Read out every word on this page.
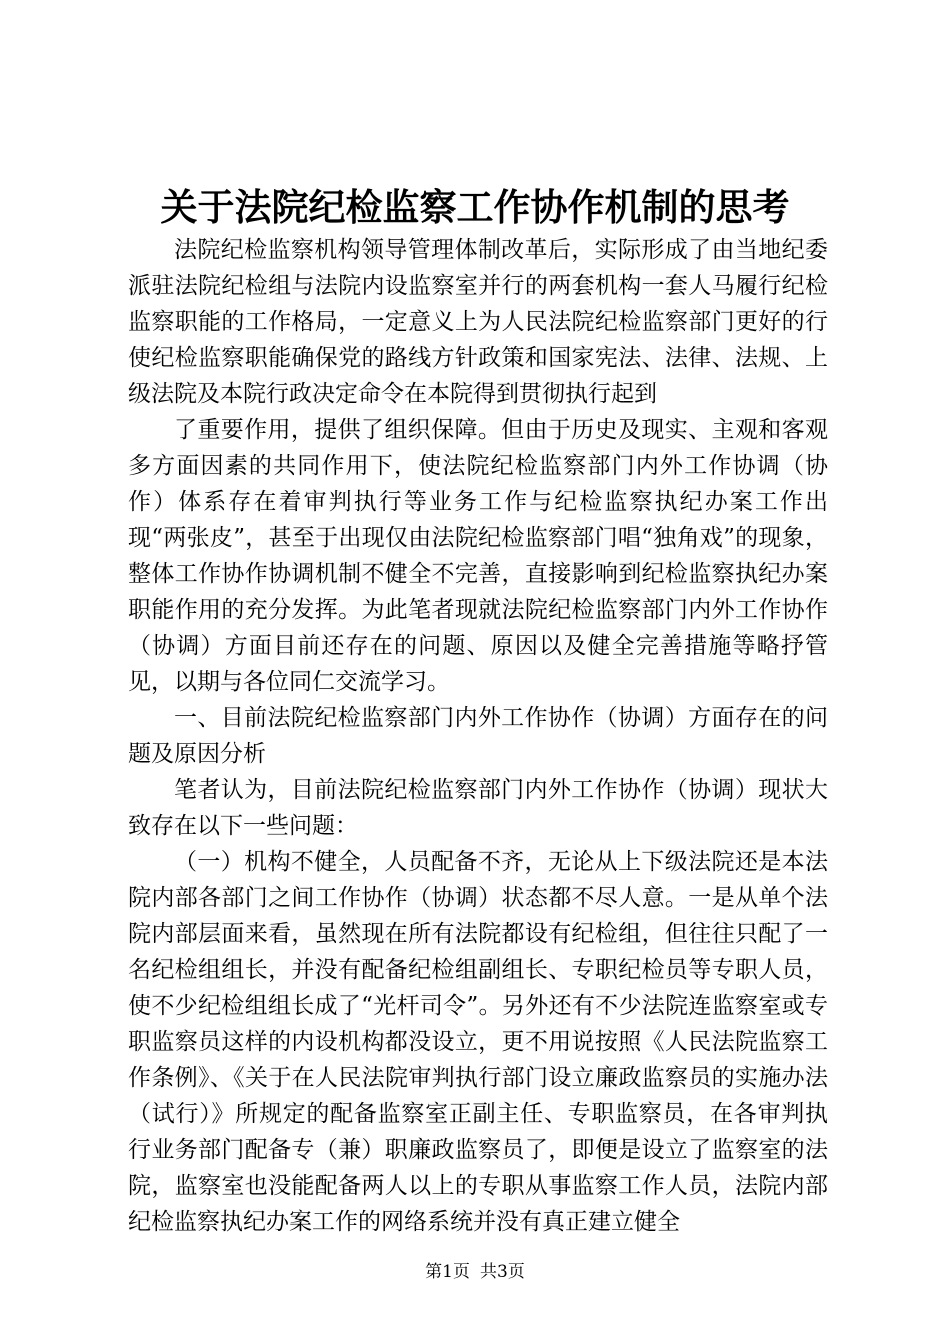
关于法院纪检监察工作协作机制的思考

法院纪检监察机构领导管理体制改革后，实际形成了由当地纪委派驻法院纪检组与法院内设监察室并行的两套机构一套人马履行纪检监察职能的工作格局，一定意义上为人民法院纪检监察部门更好的行使纪检监察职能确保党的路线方针政策和国家宪法、法律、法规、上级法院及本院行政决定命令在本院得到贯彻执行起到

了重要作用，提供了组织保障。但由于历史及现实、主观和客观多方面因素的共同作用下，使法院纪检监察部门内外工作协调（协作）体系存在着审判执行等业务工作与纪检监察执纪办案工作出现“两张皮”，甚至于出现仅由法院纪检监察部门唱“独角戏”的现象，整体工作协作协调机制不健全不完善，直接影响到纪检监察执纪办案职能作用的充分发挥。为此笔者现就法院纪检监察部门内外工作协作（协调）方面目前还存在的问题、原因以及健全完善措施等略抒管见，以期与各位同仁交流学习。

一、目前法院纪检监察部门内外工作协作（协调）方面存在的问题及原因分析

笔者认为，目前法院纪检监察部门内外工作协作（协调）现状大致存在以下一些问题：

（一）机构不健全，人员配备不齐，无论从上下级法院还是本法院内部各部门之间工作协作（协调）状态都不尽人意。一是从单个法院内部层面来看，虽然现在所有法院都设有纪检组，但往往只配了一名纪检组组长，并没有配备纪检组副组长、专职纪检员等专职人员，使不少纪检组组长成了“光杆司令”。另外还有不少法院连监察室或专职监察员这样的内设机构都没设立，更不用说按照《人民法院监察工作条例》、《关于在人民法院审判执行部门设立廉政监察员的实施办法（试行）》所规定的配备监察室正副主任、专职监察员，在各审判执行业务部门配备专（兼）职廉政监察员了，即便是设立了监察室的法院，监察室也没能配备两人以上的专职从事监察工作人员，法院内部纪检监察执纪办案工作的网络系统并没有真正建立健全

第1页 共3页
